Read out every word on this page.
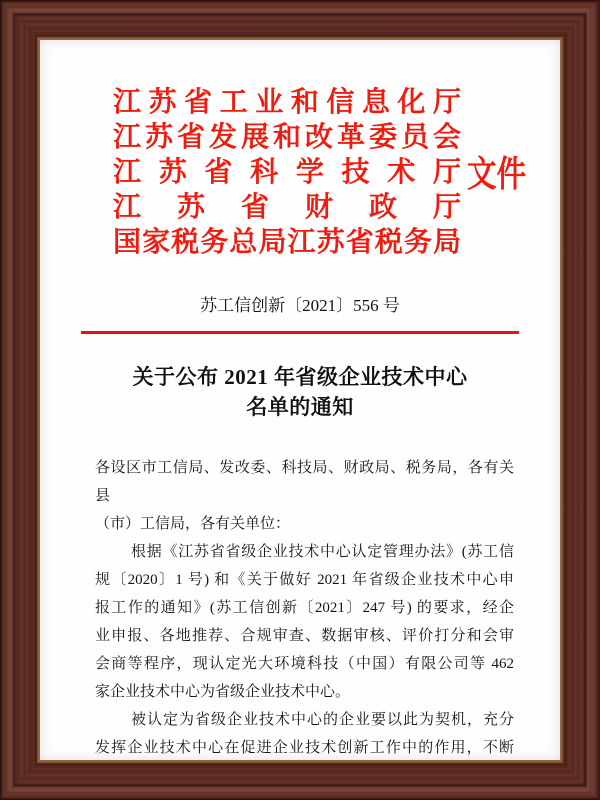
江苏省工业和信息化厅
江苏省发展和改革委员会
江苏省科学技术厅
江苏省财政厅
国家税务总局江苏省税务局
文件
苏工信创新〔2021〕556 号
关于公布 2021 年省级企业技术中心
名单的通知
各设区市工信局、发改委、科技局、财政局、税务局，各有关县
（市）工信局，各有关单位：
根据《江苏省省级企业技术中心认定管理办法》(苏工信
规〔2020〕1 号) 和《关于做好 2021 年省级企业技术中心申
报工作的通知》(苏工信创新〔2021〕247 号) 的要求，经企
业申报、各地推荐、合规审查、数据审核、评价打分和会审
会商等程序，现认定光大环境科技（中国）有限公司等 462
家企业技术中心为省级企业技术中心。
被认定为省级企业技术中心的企业要以此为契机，充分
发挥企业技术中心在促进企业技术创新工作中的作用，不断
